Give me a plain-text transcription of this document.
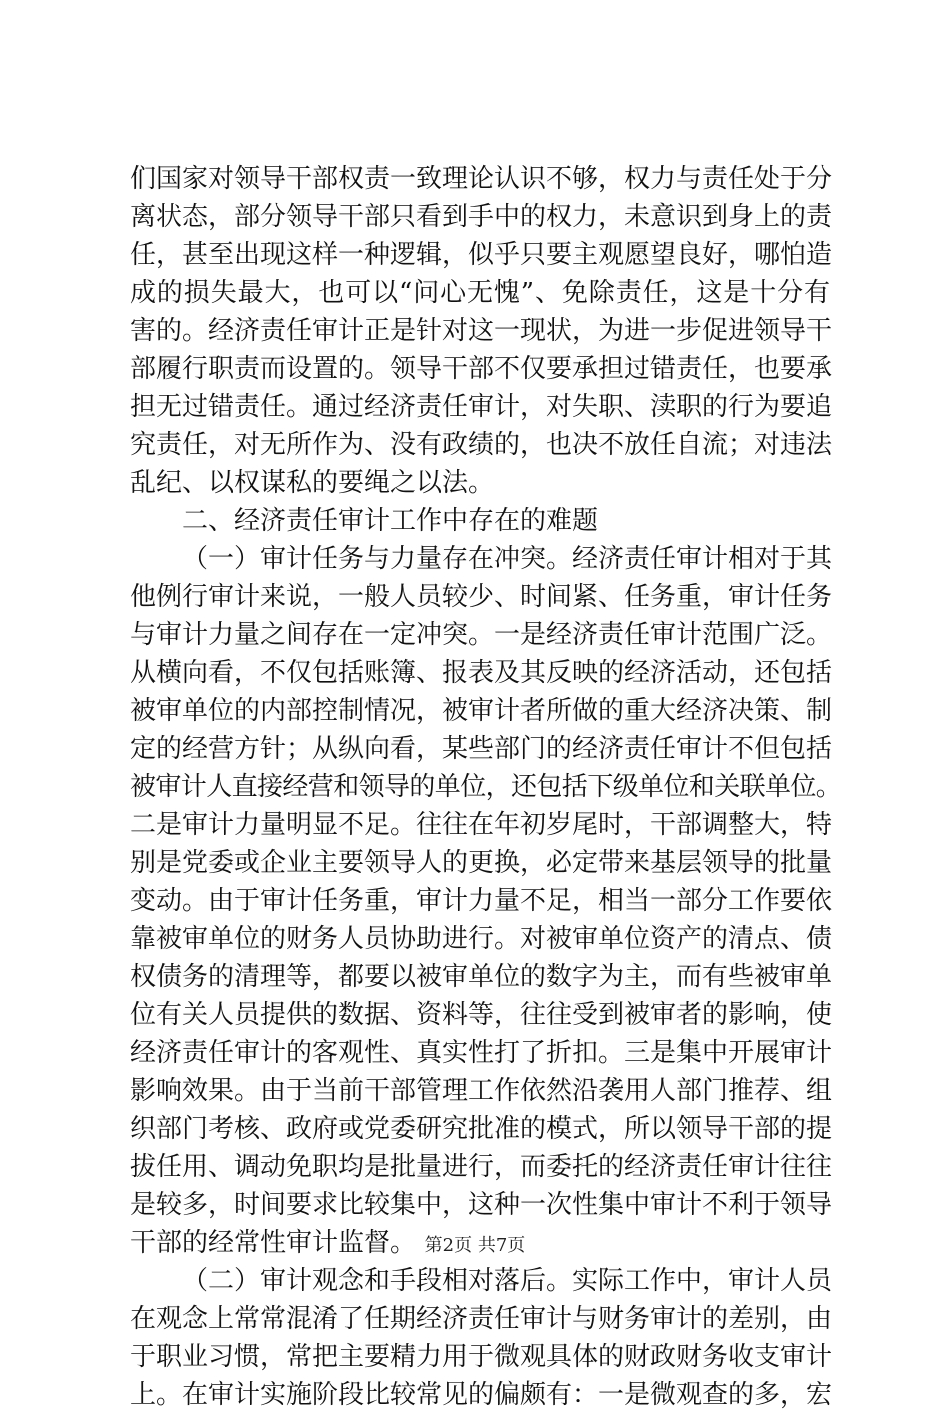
们国家对领导干部权责一致理论认识不够，权力与责任处于分
离状态，部分领导干部只看到手中的权力，未意识到身上的责
任，甚至出现这样一种逻辑，似乎只要主观愿望良好，哪怕造
成的损失最大，也可以“问心无愧”、免除责任，这是十分有
害的。经济责任审计正是针对这一现状，为进一步促进领导干
部履行职责而设置的。领导干部不仅要承担过错责任，也要承
担无过错责任。通过经济责任审计，对失职、渎职的行为要追
究责任，对无所作为、没有政绩的，也决不放任自流；对违法
乱纪、以权谋私的要绳之以法。
二、经济责任审计工作中存在的难题
（一）审计任务与力量存在冲突。经济责任审计相对于其
他例行审计来说，一般人员较少、时间紧、任务重，审计任务
与审计力量之间存在一定冲突。一是经济责任审计范围广泛。
从横向看，不仅包括账簿、报表及其反映的经济活动，还包括
被审单位的内部控制情况，被审计者所做的重大经济决策、制
定的经营方针；从纵向看，某些部门的经济责任审计不但包括
被审计人直接经营和领导的单位，还包括下级单位和关联单位。
二是审计力量明显不足。往往在年初岁尾时，干部调整大，特
别是党委或企业主要领导人的更换，必定带来基层领导的批量
变动。由于审计任务重，审计力量不足，相当一部分工作要依
靠被审单位的财务人员协助进行。对被审单位资产的清点、债
权债务的清理等，都要以被审单位的数字为主，而有些被审单
位有关人员提供的数据、资料等，往往受到被审者的影响，使
经济责任审计的客观性、真实性打了折扣。三是集中开展审计
影响效果。由于当前干部管理工作依然沿袭用人部门推荐、组
织部门考核、政府或党委研究批准的模式，所以领导干部的提
拔任用、调动免职均是批量进行，而委托的经济责任审计往往
是较多，时间要求比较集中，这种一次性集中审计不利于领导
干部的经常性审计监督。
（二）审计观念和手段相对落后。实际工作中，审计人员
在观念上常常混淆了任期经济责任审计与财务审计的差别，由
于职业习惯，常把主要精力用于微观具体的财政财务收支审计
上。在审计实施阶段比较常见的偏颇有：一是微观查的多，宏
第2页 共7页
